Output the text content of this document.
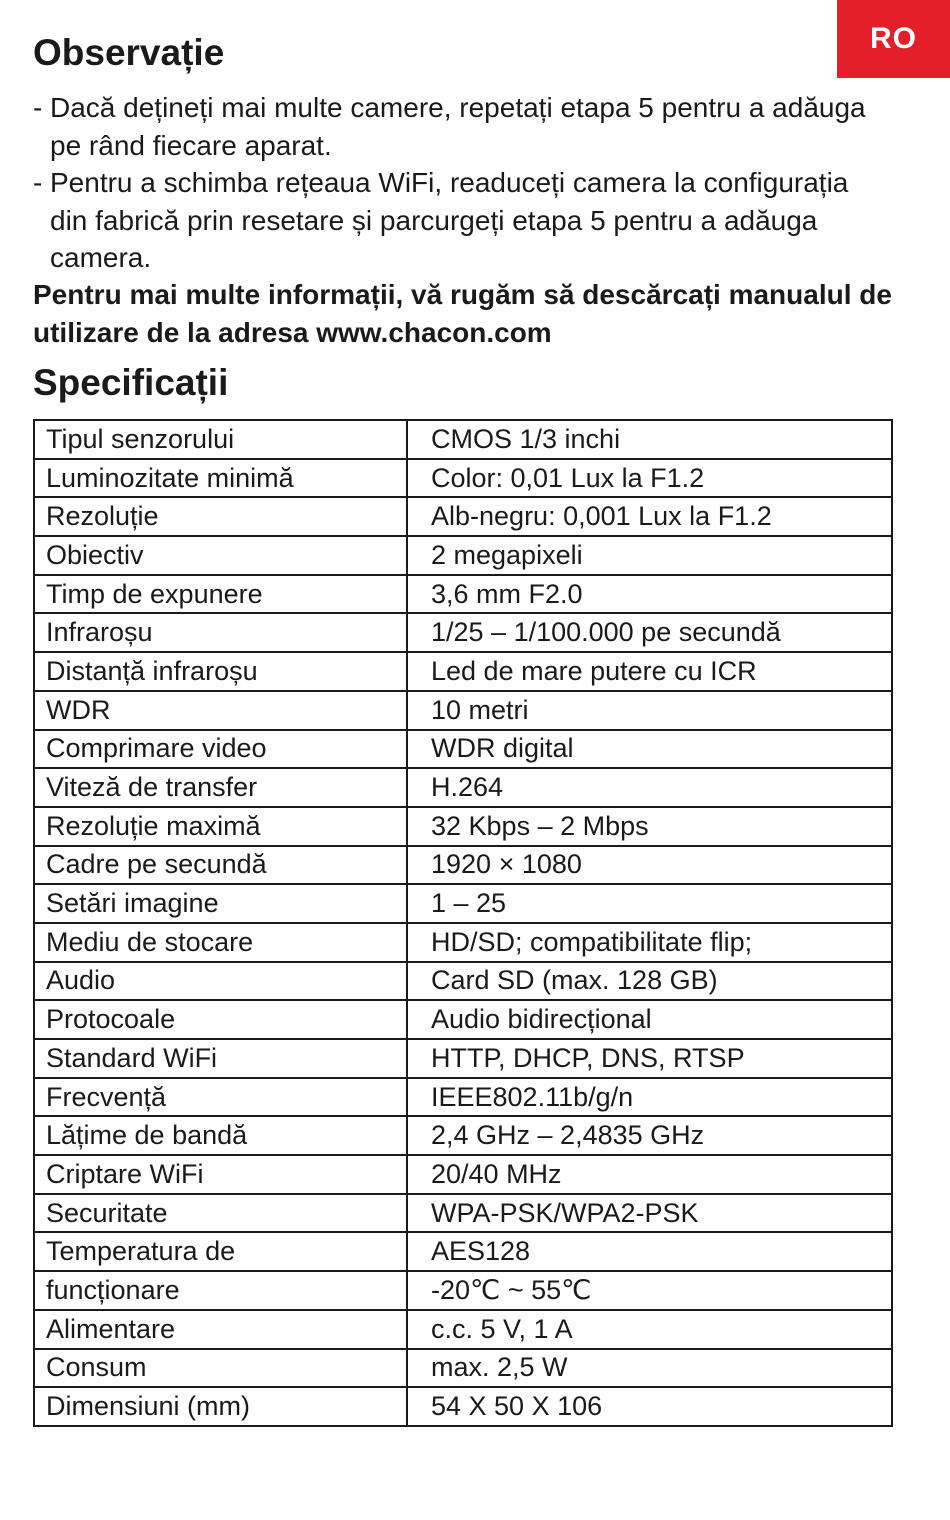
RO
Observație
- Dacă dețineți mai multe camere, repetați etapa 5 pentru a adăuga pe rând fiecare aparat.
- Pentru a schimba rețeaua WiFi, readuceți camera la configurația din fabrică prin resetare și parcurgeți etapa 5 pentru a adăuga camera.

Pentru mai multe informații, vă rugăm să descărcați manualul de utilizare de la adresa www.chacon.com

Specificații
Tipul senzorului	CMOS 1/3 inchi
Luminozitate minimă	Color: 0,01 Lux la F1.2
Rezoluție	Alb-negru: 0,001 Lux la F1.2
Obiectiv	2 megapixeli
Timp de expunere	3,6 mm F2.0
Infraroșu	1/25 – 1/100.000 pe secundă
Distanță infraroșu	Led de mare putere cu ICR
WDR	10 metri
Comprimare video	WDR digital
Viteză de transfer	H.264
Rezoluție maximă	32 Kbps – 2 Mbps
Cadre pe secundă	1920 × 1080
Setări imagine	1 – 25
Mediu de stocare	HD/SD; compatibilitate flip;
Audio	Card SD (max. 128 GB)
Protocoale	Audio bidirecțional
Standard WiFi	HTTP, DHCP, DNS, RTSP
Frecvență	IEEE802.11b/g/n
Lățime de bandă	2,4 GHz – 2,4835 GHz
Criptare WiFi	20/40 MHz
Securitate	WPA-PSK/WPA2-PSK
Temperatura de	AES128
funcționare	-20℃ ~ 55℃
Alimentare	c.c. 5 V, 1 A
Consum	max. 2,5 W
Dimensiuni (mm)	54 X 50 X 106
